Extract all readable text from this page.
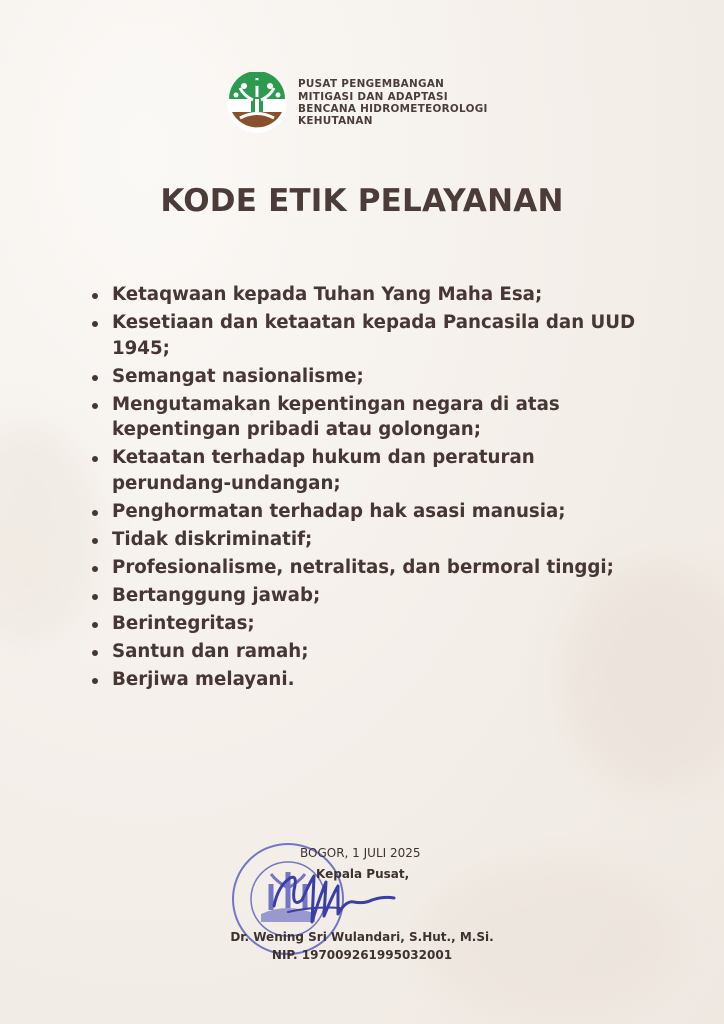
PUSAT PENGEMBANGAN
MITIGASI DAN ADAPTASI
BENCANA HIDROMETEOROLOGI
KEHUTANAN
KODE ETIK PELAYANAN
Ketaqwaan kepada Tuhan Yang Maha Esa;
Kesetiaan dan ketaatan kepada Pancasila dan UUD 1945;
Semangat nasionalisme;
Mengutamakan kepentingan negara di atas kepentingan pribadi atau golongan;
Ketaatan terhadap hukum dan peraturan perundang-undangan;
Penghormatan terhadap hak asasi manusia;
Tidak diskriminatif;
Profesionalisme, netralitas, dan bermoral tinggi;
Bertanggung jawab;
Berintegritas;
Santun dan ramah;
Berjiwa melayani.
BOGOR, 1 JULI 2025
Kepala Pusat,
Dr. Wening Sri Wulandari, S.Hut., M.Si.
NIP. 197009261995032001
